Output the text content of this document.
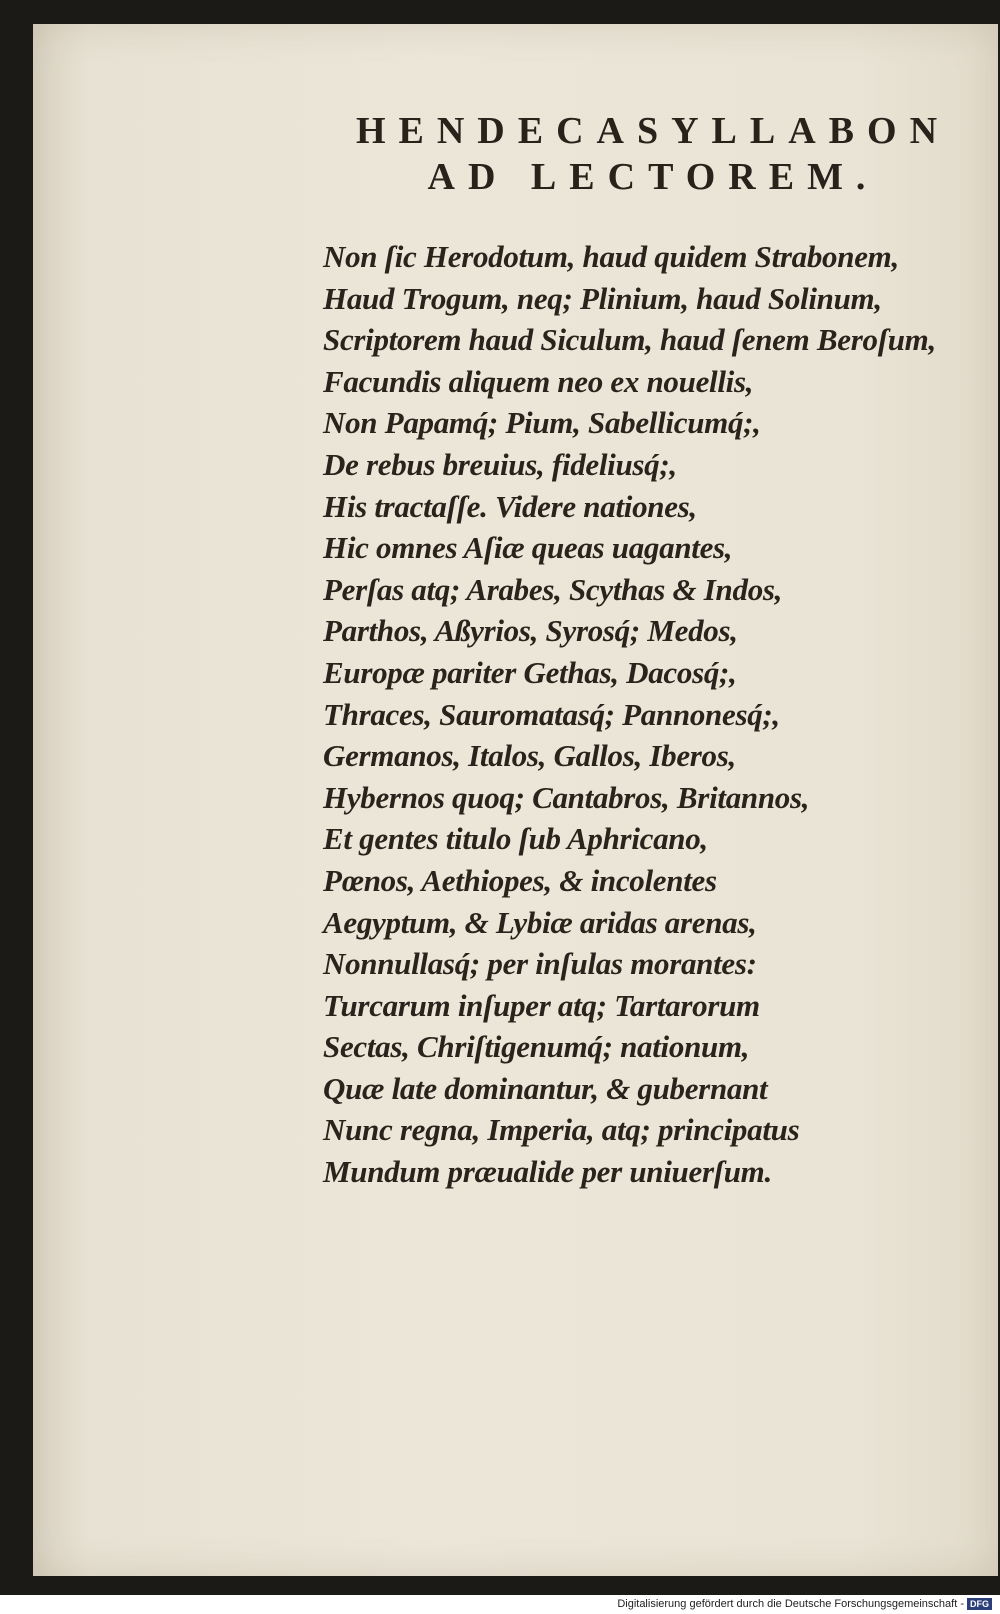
HENDECASYLLABON
AD LECTOREM.
Non ſic Herodotum, haud quidem Strabonem,
Haud Trogum, neq; Plinium, haud Solinum,
Scriptorem haud Siculum, haud ſenem Beroſum,
Facundis aliquem neo ex nouellis,
Non Papamq́; Pium, Sabellicumq́;,
De rebus breuius, fideliusq́;,
His tractaſſe. Videre nationes,
Hic omnes Aſiæ queas uagantes,
Perſas atq; Arabes, Scythas & Indos,
Parthos, Aßyrios, Syrosq́; Medos,
Europæ pariter Gethas, Dacosq́;,
Thraces, Sauromatasq́; Pannonesq́;,
Germanos, Italos, Gallos, Iberos,
Hybernos quoq; Cantabros, Britannos,
Et gentes titulo ſub Aphricano,
Pœnos, Aethiopes, & incolentes
Aegyptum, & Lybiæ aridas arenas,
Nonnullasq́; per inſulas morantes:
Turcarum inſuper atq; Tartarorum
Sectas, Chriſtigenumq́; nationum,
Quæ late dominantur, & gubernant
Nunc regna, Imperia, atq; principatus
Mundum præualide per uniuerſum.
Digitalisierung gefördert durch die Deutsche Forschungsgemeinschaft - DFG
